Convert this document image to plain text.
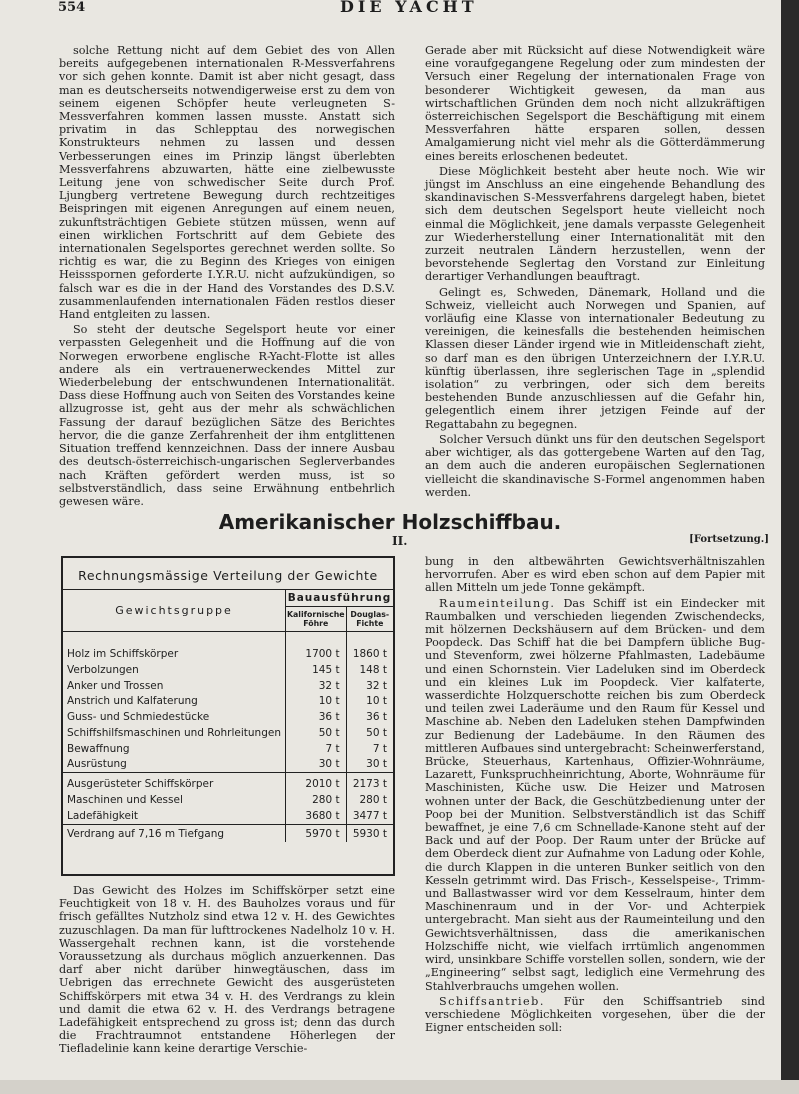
554	DIE YACHT

solche Rettung nicht auf dem Gebiet des von Allen bereits aufgegebenen internationalen R-Messverfahrens vor sich gehen konnte. Damit ist aber nicht gesagt, dass man es deutscherseits notwendigerweise erst zu dem von seinem eigenen Schöpfer heute verleugneten S-Messverfahren kommen lassen musste. Anstatt sich privatim in das Schlepptau des norwegischen Konstrukteurs nehmen zu lassen und dessen Verbesserungen eines im Prinzip längst überlebten Messverfahrens abzuwarten, hätte eine zielbewusste Leitung jene von schwedischer Seite durch Prof. Ljungberg vertretene Bewegung durch rechtzeitiges Beispringen mit eigenen Anregungen auf einem neuen, zukunftsträchtigen Gebiete stützen müssen, wenn auf einen wirklichen Fortschritt auf dem Gebiete des internationalen Segelsportes gerechnet werden sollte. So richtig es war, die zu Beginn des Krieges von einigen Heissspornen geforderte I.Y.R.U. nicht aufzukündigen, so falsch war es die in der Hand des Vorstandes des D.S.V. zusammenlaufenden internationalen Fäden restlos dieser Hand entgleiten zu lassen.

So steht der deutsche Segelsport heute vor einer verpassten Gelegenheit und die Hoffnung auf die von Norwegen erworbene englische R-Yacht-Flotte ist alles andere als ein vertrauenerweckendes Mittel zur Wiederbelebung der entschwundenen Internationalität. Dass diese Hoffnung auch von Seiten des Vorstandes keine allzugrosse ist, geht aus der mehr als schwächlichen Fassung der darauf bezüglichen Sätze des Berichtes hervor, die die ganze Zerfahrenheit der ihm entglittenen Situation treffend kennzeichnen. Dass der innere Ausbau des deutsch-österreichisch-ungarischen Seglerverbandes nach Kräften gefördert werden muss, ist so selbstverständlich, dass seine Erwähnung entbehrlich gewesen wäre.

Gerade aber mit Rücksicht auf diese Notwendigkeit wäre eine voraufgegangene Regelung oder zum mindesten der Versuch einer Regelung der internationalen Frage von besonderer Wichtigkeit gewesen, da man aus wirtschaftlichen Gründen dem noch nicht allzukräftigen österreichischen Segelsport die Beschäftigung mit einem Messverfahren hätte ersparen sollen, dessen Amalgamierung nicht viel mehr als die Götterdämmerung eines bereits erloschenen bedeutet.

Diese Möglichkeit besteht aber heute noch. Wie wir jüngst im Anschluss an eine eingehende Behandlung des skandinavischen S-Messverfahrens dargelegt haben, bietet sich dem deutschen Segelsport heute vielleicht noch einmal die Möglichkeit, jene damals verpasste Gelegenheit zur Wiederherstellung einer Internationalität mit den zurzeit neutralen Ländern herzustellen, wenn der bevorstehende Seglertag den Vorstand zur Einleitung derartiger Verhandlungen beauftragt.

Gelingt es, Schweden, Dänemark, Holland und die Schweiz, vielleicht auch Norwegen und Spanien, auf vorläufig eine Klasse von internationaler Bedeutung zu vereinigen, die keinesfalls die bestehenden heimischen Klassen dieser Länder irgend wie in Mitleidenschaft zieht, so darf man es den übrigen Unterzeichnern der I.Y.R.U. künftig überlassen, ihre seglerischen Tage in „splendid isolation“ zu verbringen, oder sich dem bereits bestehenden Bunde anzuschliessen auf die Gefahr hin, gelegentlich einem ihrer jetzigen Feinde auf der Regattabahn zu begegnen.

Solcher Versuch dünkt uns für den deutschen Segelsport aber wichtiger, als das gottergebene Warten auf den Tag, an dem auch die anderen europäischen Seglernationen vielleicht die skandinavische S-Formel angenommen haben werden.

Amerikanischer Holzschiffbau.
II.	[Fortsetzung.]
Rechnungsmässige Verteilung der Gewichte
Gewichtsgruppe	Bauausführung	
	Kalifornische Föhre	Douglas-Fichte
Holz im Schiffskörper	1700 t	1860 t
Verbolzungen	145 t	148 t
Anker und Trossen	32 t	32 t
Anstrich und Kalfaterung	10 t	10 t
Guss- und Schmiedestücke	36 t	36 t
Schiffshilfsmaschinen und Rohrleitungen	50 t	50 t
Bewaffnung	7 t	7 t
Ausrüstung	30 t	30 t
Ausgerüsteter Schiffskörper	2010 t	2173 t
Maschinen und Kessel	280 t	280 t
Ladefähigkeit	3680 t	3477 t
Verdrang auf 7,16 m Tiefgang	5970 t	5930 t

Das Gewicht des Holzes im Schiffskörper setzt eine Feuchtigkeit von 18 v. H. des Bauholzes voraus und für frisch gefälltes Nutzholz sind etwa 12 v. H. des Gewichtes zuzuschlagen. Da man für lufttrockenes Nadelholz 10 v. H. Wassergehalt rechnen kann, ist die vorstehende Voraussetzung als durchaus möglich anzuerkennen. Das darf aber nicht darüber hinwegtäuschen, dass im Uebrigen das errechnete Gewicht des ausgerüsteten Schiffskörpers mit etwa 34 v. H. des Verdrangs zu klein und damit die etwa 62 v. H. des Verdrangs betragene Ladefähigkeit entsprechend zu gross ist; denn das durch die Frachtraumnot entstandene Höherlegen der Tiefladelinie kann keine derartige Verschie-

bung in den altbewährten Gewichtsverhältniszahlen hervorrufen. Aber es wird eben schon auf dem Papier mit allen Mitteln um jede Tonne gekämpft.

Raumeinteilung. Das Schiff ist ein Eindecker mit Raumbalken und verschieden liegenden Zwischendecks, mit hölzernen Deckshäusern auf dem Brücken- und dem Poopdeck. Das Schiff hat die bei Dampfern übliche Bug- und Stevenform, zwei hölzerne Pfahlmasten, Ladebäume und einen Schornstein. Vier Ladeluken sind im Oberdeck und ein kleines Luk im Poopdeck. Vier kalfaterte, wasserdichte Holzquerschotte reichen bis zum Oberdeck und teilen zwei Laderäume und den Raum für Kessel und Maschine ab. Neben den Ladeluken stehen Dampfwinden zur Bedienung der Ladebäume. In den Räumen des mittleren Aufbaues sind untergebracht: Scheinwerferstand, Brücke, Steuerhaus, Kartenhaus, Offizier-Wohnräume, Lazarett, Funkspruchheinrichtung, Aborte, Wohnräume für Maschinisten, Küche usw. Die Heizer und Matrosen wohnen unter der Back, die Geschützbedienung unter der Poop bei der Munition. Selbstverständlich ist das Schiff bewaffnet, je eine 7,6 cm Schnellade-Kanone steht auf der Back und auf der Poop. Der Raum unter der Brücke auf dem Oberdeck dient zur Aufnahme von Ladung oder Kohle, die durch Klappen in die unteren Bunker seitlich von den Kesseln getrimmt wird. Das Frisch-, Kesselspeise-, Trimm- und Ballastwasser wird vor dem Kesselraum, hinter dem Maschinenraum und in der Vor- und Achterpiek untergebracht. Man sieht aus der Raumeinteilung und den Gewichtsverhältnissen, dass die amerikanischen Holzschiffe nicht, wie vielfach irrtümlich angenommen wird, unsinkbare Schiffe vorstellen sollen, sondern, wie der „Engineering“ selbst sagt, lediglich eine Vermehrung des Stahlverbrauchs umgehen wollen.

Schiffsantrieb. Für den Schiffsantrieb sind verschiedene Möglichkeiten vorgesehen, über die der Eigner entscheiden soll:
